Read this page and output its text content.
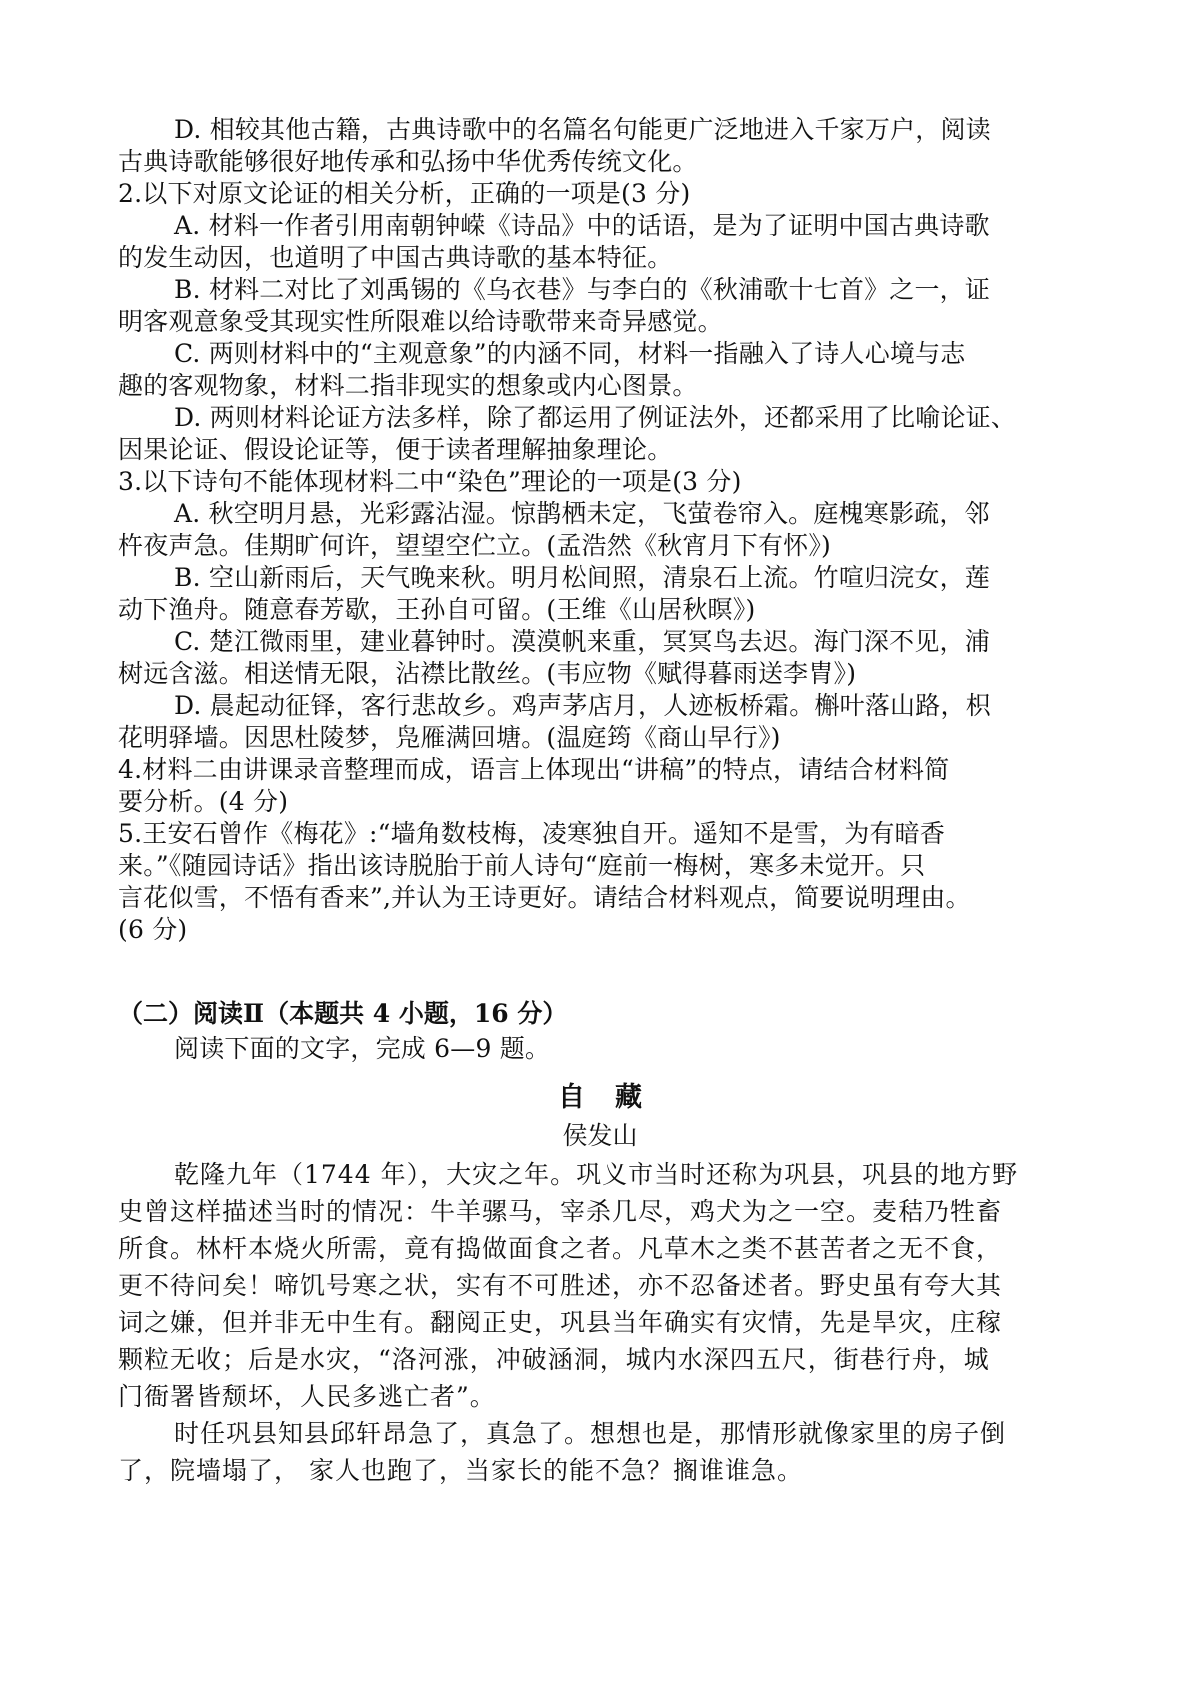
D. 相较其他古籍，古典诗歌中的名篇名句能更广泛地进入千家万户，阅读
古典诗歌能够很好地传承和弘扬中华优秀传统文化。
2.以下对原文论证的相关分析，正确的一项是(3 分)
A. 材料一作者引用南朝钟嵘《诗品》中的话语，是为了证明中国古典诗歌
的发生动因，也道明了中国古典诗歌的基本特征。
B. 材料二对比了刘禹锡的《乌衣巷》与李白的《秋浦歌十七首》之一，证
明客观意象受其现实性所限难以给诗歌带来奇异感觉。
C. 两则材料中的“主观意象”的内涵不同，材料一指融入了诗人心境与志
趣的客观物象，材料二指非现实的想象或内心图景。
D. 两则材料论证方法多样，除了都运用了例证法外，还都采用了比喻论证、
因果论证、假设论证等，便于读者理解抽象理论。
3.以下诗句不能体现材料二中“染色”理论的一项是(3 分)
A. 秋空明月悬，光彩露沾湿。惊鹊栖未定，飞萤卷帘入。庭槐寒影疏，邻
杵夜声急。佳期旷何许，望望空伫立。(孟浩然《秋宵月下有怀》)
B. 空山新雨后，天气晚来秋。明月松间照，清泉石上流。竹喧归浣女，莲
动下渔舟。随意春芳歇，王孙自可留。(王维《山居秋暝》)
C. 楚江微雨里，建业暮钟时。漠漠帆来重，冥冥鸟去迟。海门深不见，浦
树远含滋。相送情无限，沾襟比散丝。(韦应物《赋得暮雨送李胄》)
D. 晨起动征铎，客行悲故乡。鸡声茅店月，人迹板桥霜。槲叶落山路，枳
花明驿墙。因思杜陵梦，凫雁满回塘。(温庭筠《商山早行》)
4.材料二由讲课录音整理而成，语言上体现出“讲稿”的特点，请结合材料简
要分析。(4 分)
5.王安石曾作《梅花》:“墙角数枝梅，凌寒独自开。遥知不是雪，为有暗香
来。”《随园诗话》指出该诗脱胎于前人诗句“庭前一梅树，寒多未觉开。只
言花似雪，不悟有香来”,并认为王诗更好。请结合材料观点，简要说明理由。
(6 分)
（二）阅读Ⅱ（本题共 4 小题，16 分）
阅读下面的文字，完成 6—9 题。
自藏
侯发山
乾隆九年（1744 年），大灾之年。巩义市当时还称为巩县，巩县的地方野
史曾这样描述当时的情况：牛羊骡马，宰杀几尽，鸡犬为之一空。麦秸乃牲畜
所食。林杆本烧火所需，竟有捣做面食之者。凡草木之类不甚苦者之无不食，
更不待问矣！啼饥号寒之状，实有不可胜述，亦不忍备述者。野史虽有夸大其
词之嫌，但并非无中生有。翻阅正史，巩县当年确实有灾情，先是旱灾，庄稼
颗粒无收；后是水灾，“洛河涨，冲破涵洞，城内水深四五尺，街巷行舟，城
门衙署皆颓坏，人民多逃亡者”。
时任巩县知县邱轩昂急了，真急了。想想也是，那情形就像家里的房子倒
了，院墙塌了， 家人也跑了，当家长的能不急？搁谁谁急。
